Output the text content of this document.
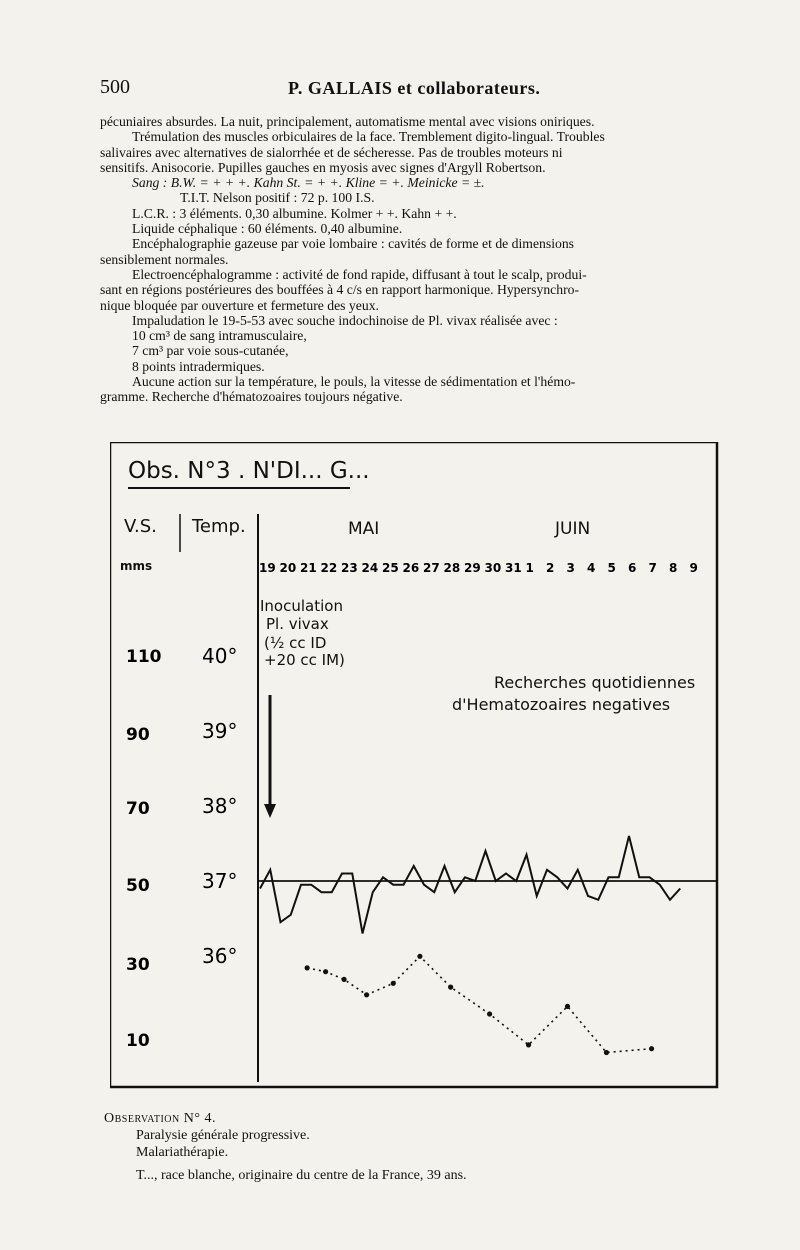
500	P. GALLAIS et collaborateurs.

pécuniaires absurdes. La nuit, principalement, automatisme mental avec visions oniriques.

Trémulation des muscles orbiculaires de la face. Tremblement digito-lingual. Troubles

salivaires avec alternatives de sialorrhée et de sécheresse. Pas de troubles moteurs ni

sensitifs. Anisocorie. Pupilles gauches en myosis avec signes d'Argyll Robertson.

Sang : B.W. = + + +. Kahn St. = + +. Kline = +. Meinicke = ±.

T.I.T. Nelson positif : 72 p. 100 I.S.

L.C.R. : 3 éléments. 0,30 albumine. Kolmer + +. Kahn + +.

Liquide céphalique : 60 éléments. 0,40 albumine.

Encéphalographie gazeuse par voie lombaire : cavités de forme et de dimensions

sensiblement normales.

Electroencéphalogramme : activité de fond rapide, diffusant à tout le scalp, produi-

sant en régions postérieures des bouffées à 4 c/s en rapport harmonique. Hypersynchro-

nique bloquée par ouverture et fermeture des yeux.

Impaludation le 19-5-53 avec souche indochinoise de Pl. vivax réalisée avec :

10 cm³ de sang intramusculaire,

7 cm³ par voie sous-cutanée,

8 points intradermiques.

Aucune action sur la température, le pouls, la vitesse de sédimentation et l'hémo-

gramme. Recherche d'hématozoaires toujours négative.

Obs. N°3 . N'DI... G...
V.S.
mms
Temp.	MAI	JUIN
19 20 21 22 23 24 25 26 27 28 29 30 31 1 2 3 4 5 6 7 8 9
110
90
70
50
30
10
40°
39°
38°
37°
36°
Inoculation Pl. vivax (½ cc ID +20 cc IM)
Recherches quotidiennes d'Hematozoaires negatives

Observation N° 4.

Paralysie générale progressive.

Malariathérapie.

T..., race blanche, originaire du centre de la France, 39 ans.
